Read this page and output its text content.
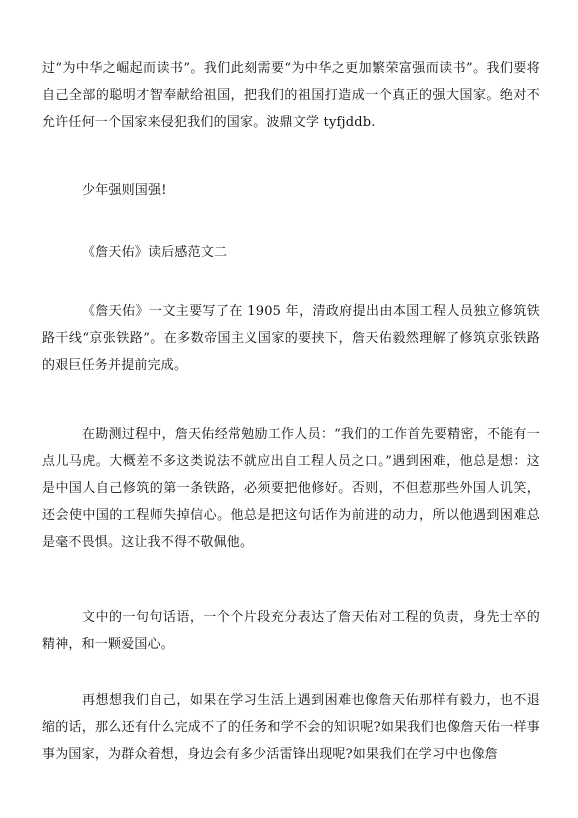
过“为中华之崛起而读书”。我们此刻需要“为中华之更加繁荣富强而读书”。我们要将自己全部的聪明才智奉献给祖国，把我们的祖国打造成一个真正的强大国家。绝对不允许任何一个国家来侵犯我们的国家。波鼎文学 tyfjddb.

少年强则国强!

《詹天佑》读后感范文二

《詹天佑》一文主要写了在 1905 年，清政府提出由本国工程人员独立修筑铁路干线“京张铁路”。在多数帝国主义国家的要挟下，詹天佑毅然理解了修筑京张铁路的艰巨任务并提前完成。

在勘测过程中，詹天佑经常勉励工作人员：“我们的工作首先要精密，不能有一点儿马虎。大概差不多这类说法不就应出自工程人员之口。”遇到困难，他总是想：这是中国人自己修筑的第一条铁路，必须要把他修好。否则，不但惹那些外国人讥笑，还会使中国的工程师失掉信心。他总是把这句话作为前进的动力，所以他遇到困难总是毫不畏惧。这让我不得不敬佩他。

文中的一句句话语，一个个片段充分表达了詹天佑对工程的负责，身先士卒的精神，和一颗爱国心。

再想想我们自己，如果在学习生活上遇到困难也像詹天佑那样有毅力，也不退缩的话，那么还有什么完成不了的任务和学不会的知识呢?如果我们也像詹天佑一样事事为国家，为群众着想，身边会有多少活雷锋出现呢?如果我们在学习中也像詹
